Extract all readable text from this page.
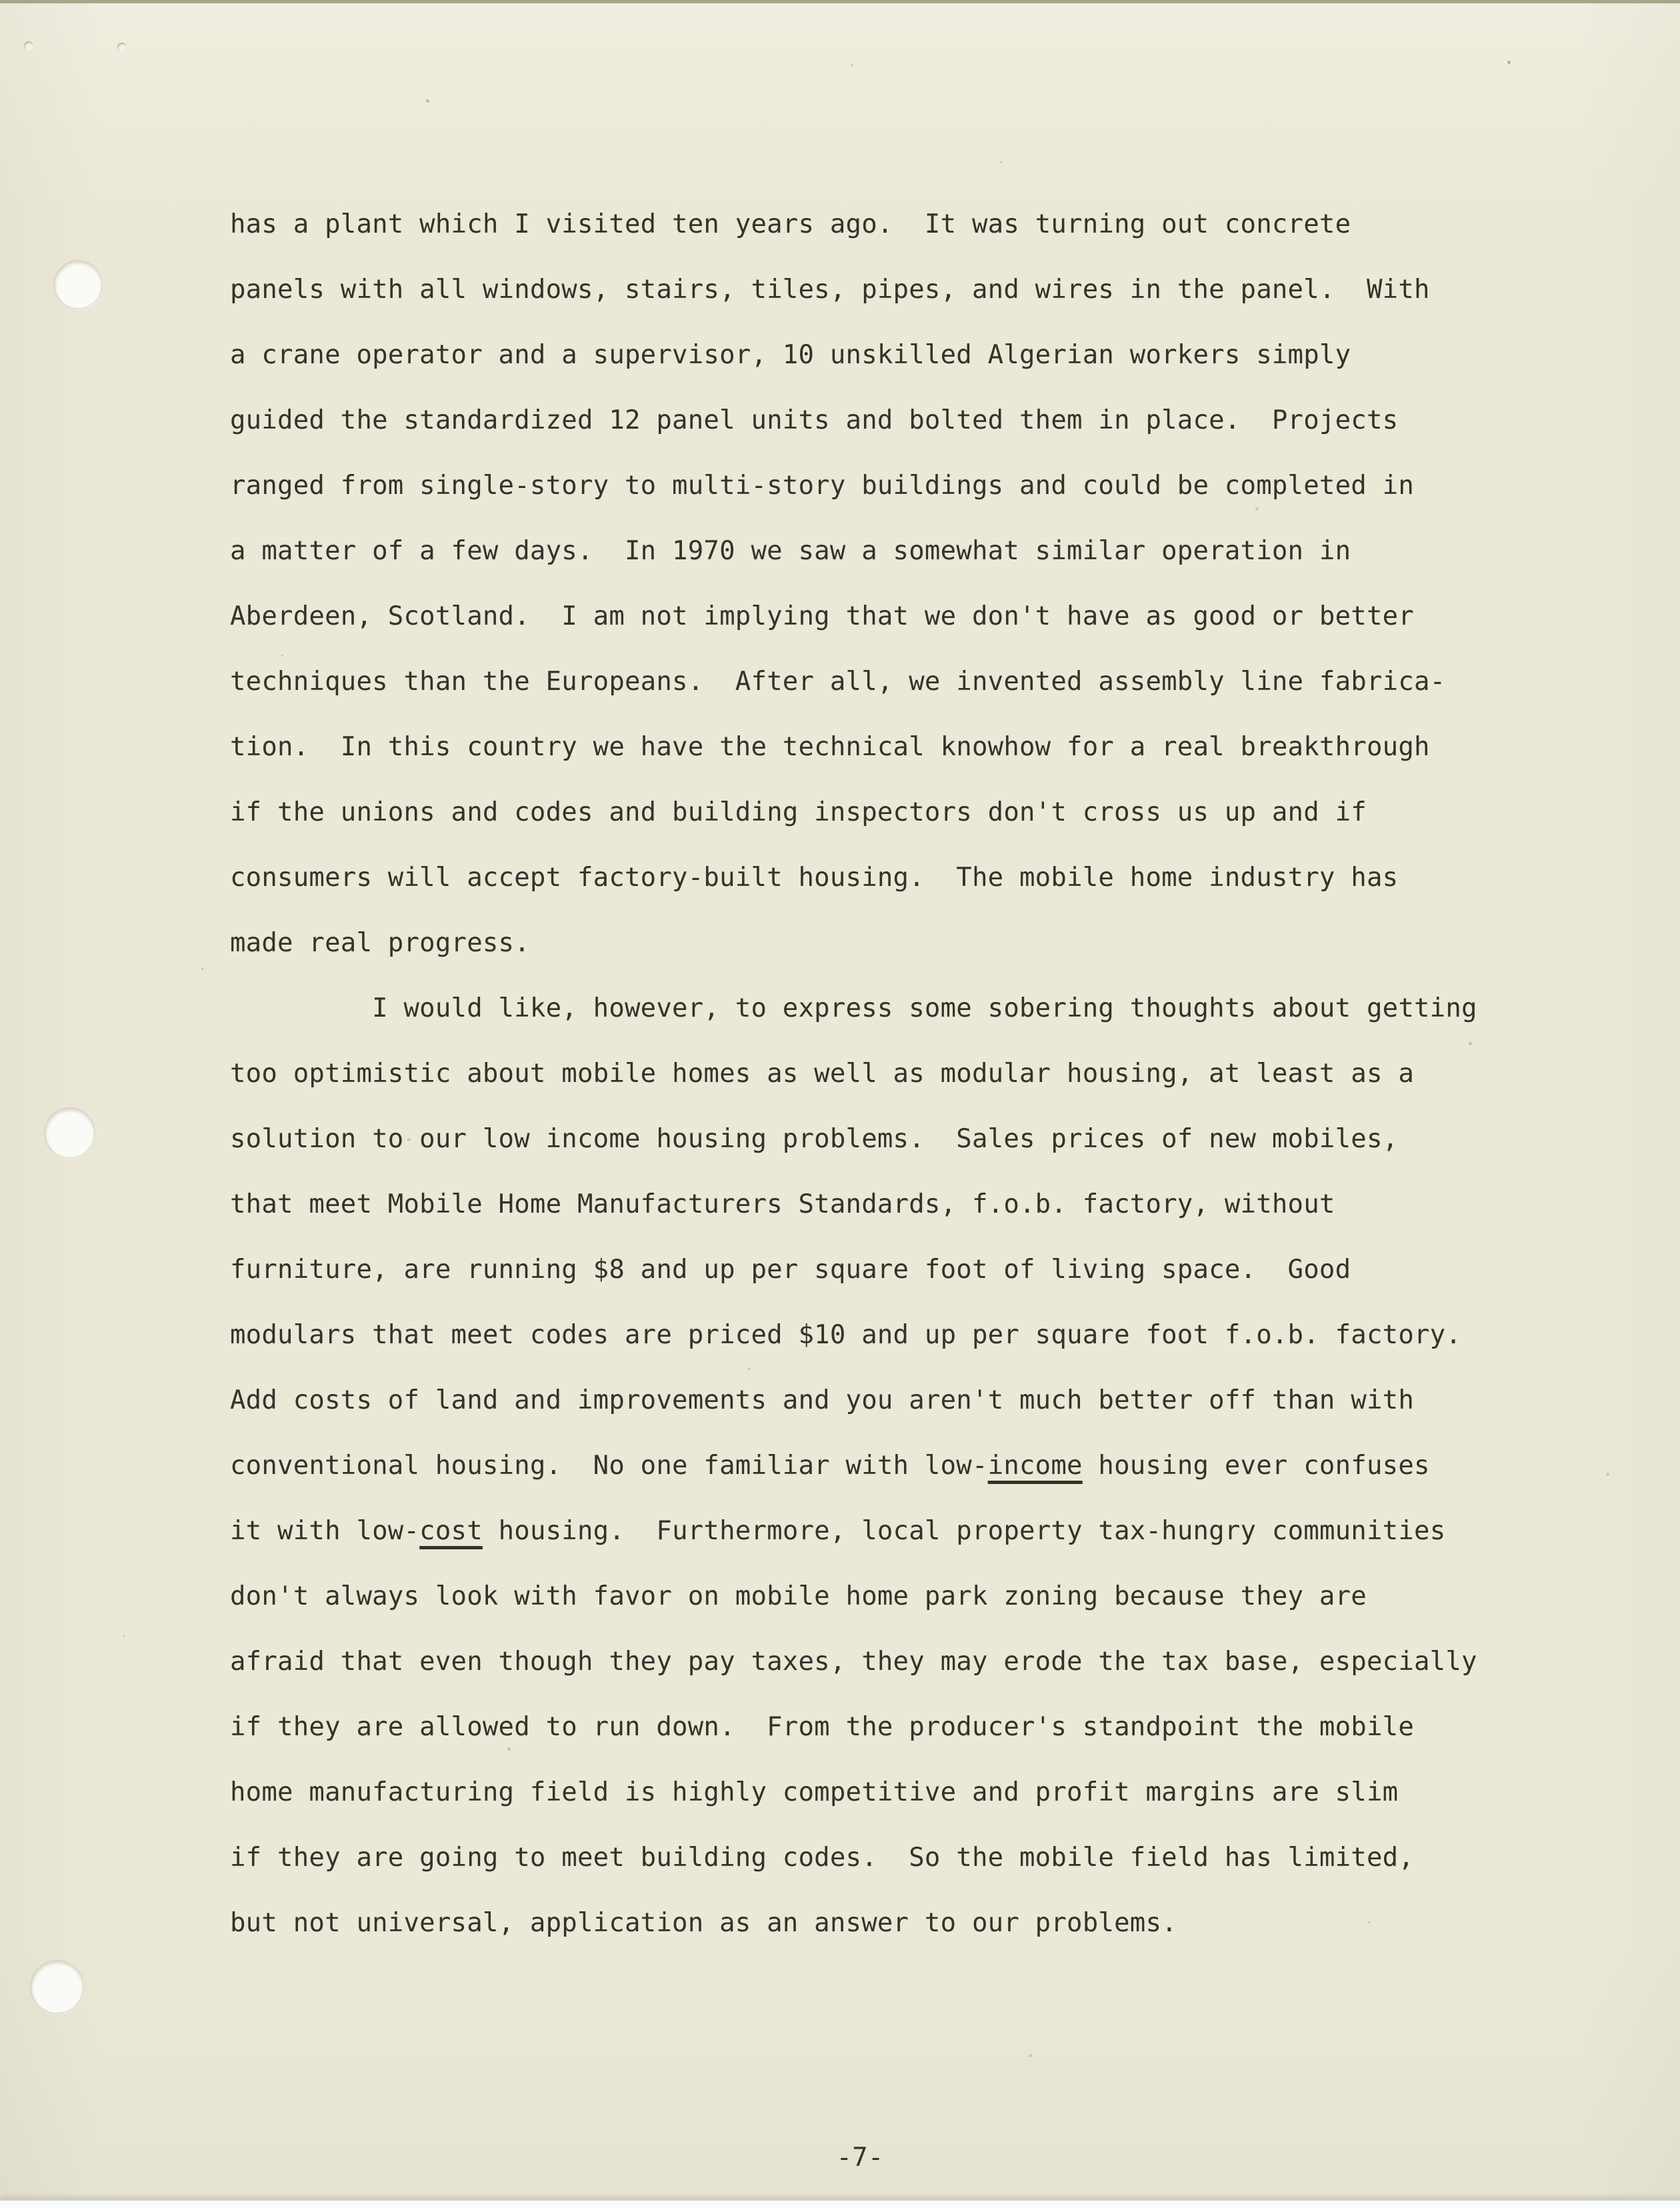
has a plant which I visited ten years ago.  It was turning out concrete
panels with all windows, stairs, tiles, pipes, and wires in the panel.  With
a crane operator and a supervisor, 10 unskilled Algerian workers simply
guided the standardized 12 panel units and bolted them in place.  Projects
ranged from single-story to multi-story buildings and could be completed in
a matter of a few days.  In 1970 we saw a somewhat similar operation in
Aberdeen, Scotland.  I am not implying that we don't have as good or better
techniques than the Europeans.  After all, we invented assembly line fabrica-
tion.  In this country we have the technical knowhow for a real breakthrough
if the unions and codes and building inspectors don't cross us up and if
consumers will accept factory-built housing.  The mobile home industry has
made real progress.
I would like, however, to express some sobering thoughts about getting
too optimistic about mobile homes as well as modular housing, at least as a
solution to our low income housing problems.  Sales prices of new mobiles,
that meet Mobile Home Manufacturers Standards, f.o.b. factory, without
furniture, are running $8 and up per square foot of living space.  Good
modulars that meet codes are priced $10 and up per square foot f.o.b. factory.
Add costs of land and improvements and you aren't much better off than with
conventional housing.  No one familiar with low-income housing ever confuses
it with low-cost housing.  Furthermore, local property tax-hungry communities
don't always look with favor on mobile home park zoning because they are
afraid that even though they pay taxes, they may erode the tax base, especially
if they are allowed to run down.  From the producer's standpoint the mobile
home manufacturing field is highly competitive and profit margins are slim
if they are going to meet building codes.  So the mobile field has limited,
but not universal, application as an answer to our problems.
-7-
